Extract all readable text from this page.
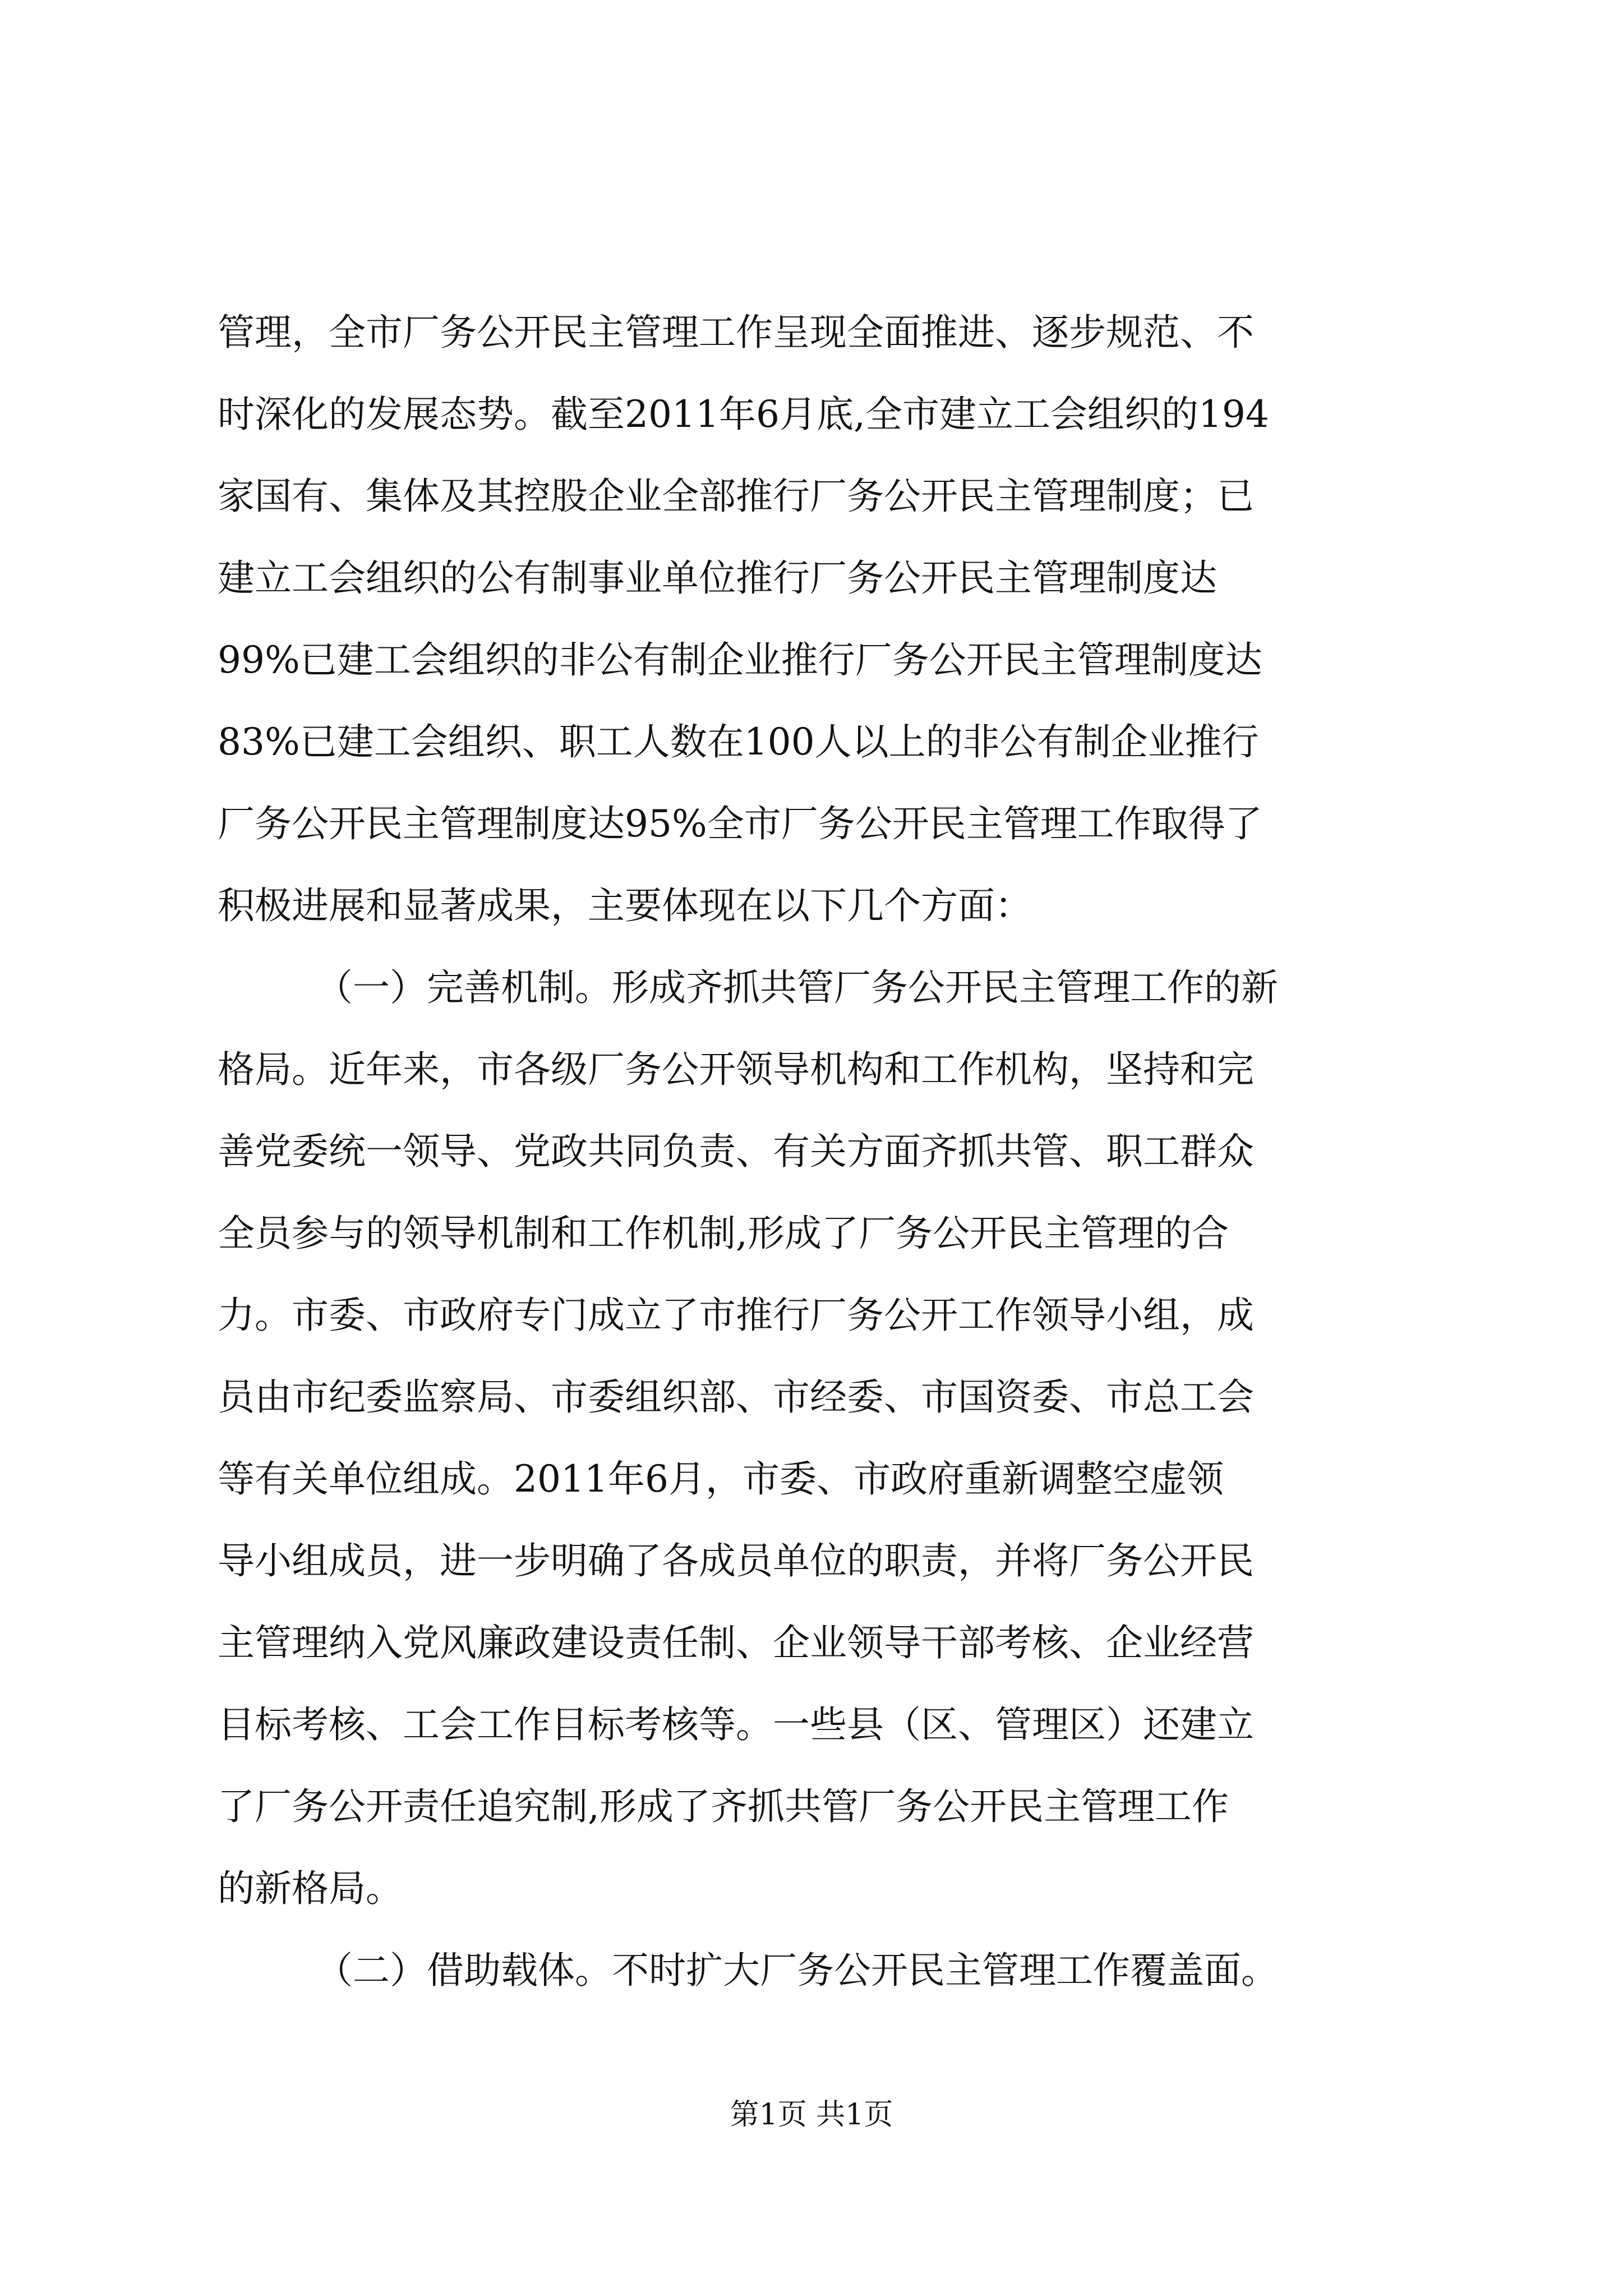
管理，全市厂务公开民主管理工作呈现全面推进、逐步规范、不
时深化的发展态势。截至2011年6月底,全市建立工会组织的194
家国有、集体及其控股企业全部推行厂务公开民主管理制度；已
建立工会组织的公有制事业单位推行厂务公开民主管理制度达
99%已建工会组织的非公有制企业推行厂务公开民主管理制度达
83%已建工会组织、职工人数在100人以上的非公有制企业推行
厂务公开民主管理制度达95%全市厂务公开民主管理工作取得了
积极进展和显著成果，主要体现在以下几个方面：
（一）完善机制。形成齐抓共管厂务公开民主管理工作的新
格局。近年来，市各级厂务公开领导机构和工作机构，坚持和完
善党委统一领导、党政共同负责、有关方面齐抓共管、职工群众
全员参与的领导机制和工作机制,形成了厂务公开民主管理的合
力。市委、市政府专门成立了市推行厂务公开工作领导小组，成
员由市纪委监察局、市委组织部、市经委、市国资委、市总工会
等有关单位组成。2011年6月，市委、市政府重新调整空虚领
导小组成员，进一步明确了各成员单位的职责，并将厂务公开民
主管理纳入党风廉政建设责任制、企业领导干部考核、企业经营
目标考核、工会工作目标考核等。一些县（区、管理区）还建立
了厂务公开责任追究制,形成了齐抓共管厂务公开民主管理工作
的新格局。
（二）借助载体。不时扩大厂务公开民主管理工作覆盖面。
第1页 共1页
